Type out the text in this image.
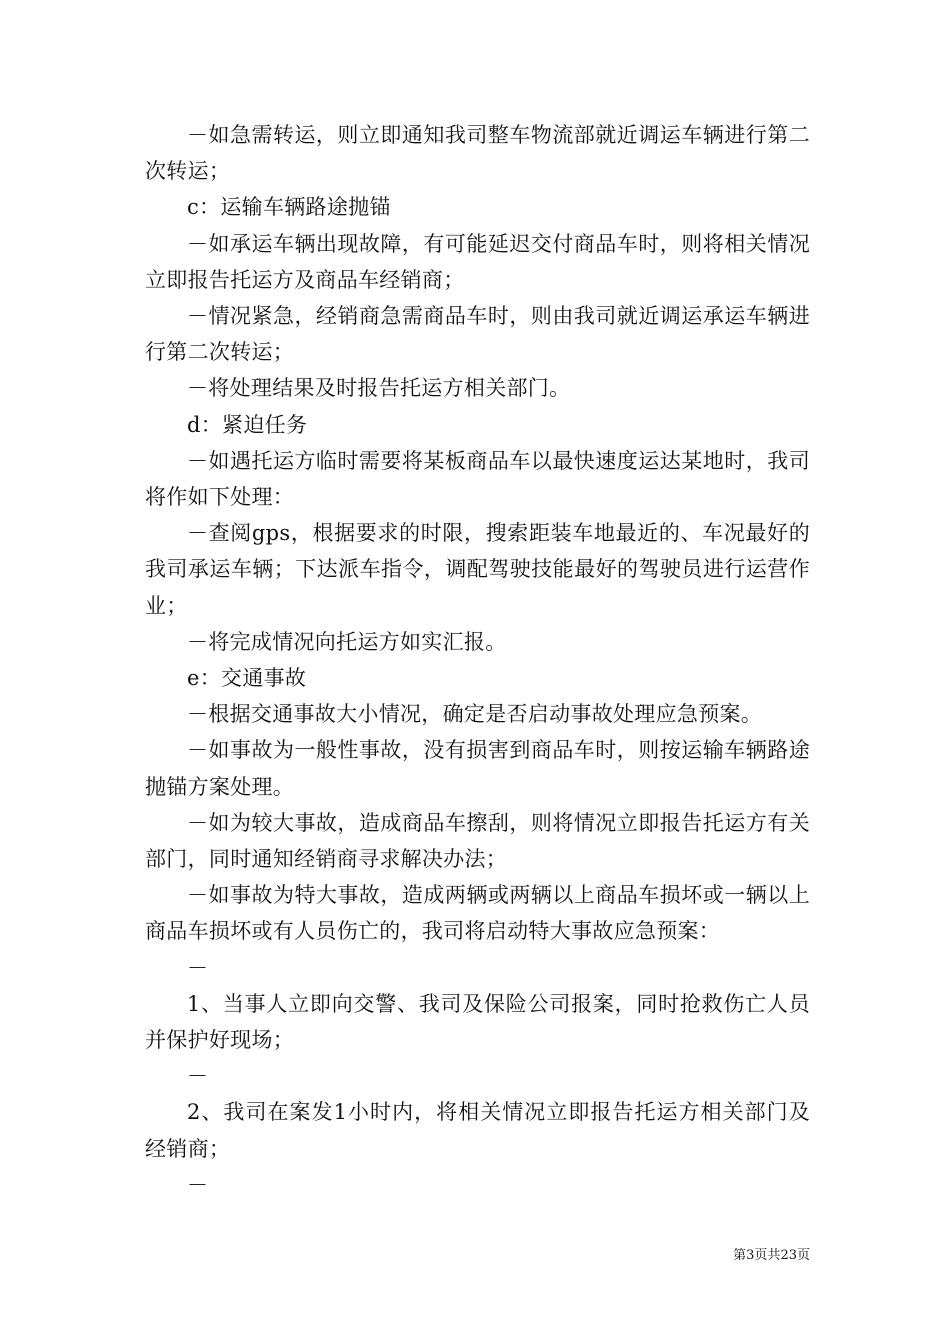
－如急需转运，则立即通知我司整车物流部就近调运车辆进行第二次转运；

c：运输车辆路途抛锚

－如承运车辆出现故障，有可能延迟交付商品车时，则将相关情况立即报告托运方及商品车经销商；

－情况紧急，经销商急需商品车时，则由我司就近调运承运车辆进行第二次转运；

－将处理结果及时报告托运方相关部门。

d：紧迫任务

－如遇托运方临时需要将某板商品车以最快速度运达某地时，我司将作如下处理：

－查阅gps，根据要求的时限，搜索距装车地最近的、车况最好的我司承运车辆；下达派车指令，调配驾驶技能最好的驾驶员进行运营作业；

－将完成情况向托运方如实汇报。

e：交通事故

－根据交通事故大小情况，确定是否启动事故处理应急预案。

－如事故为一般性事故，没有损害到商品车时，则按运输车辆路途抛锚方案处理。

－如为较大事故，造成商品车擦刮，则将情况立即报告托运方有关部门，同时通知经销商寻求解决办法；

－如事故为特大事故，造成两辆或两辆以上商品车损坏或一辆以上商品车损坏或有人员伤亡的，我司将启动特大事故应急预案：

－

1、当事人立即向交警、我司及保险公司报案，同时抢救伤亡人员并保护好现场；

－

2、我司在案发1小时内，将相关情况立即报告托运方相关部门及经销商；

－

第3页共23页
